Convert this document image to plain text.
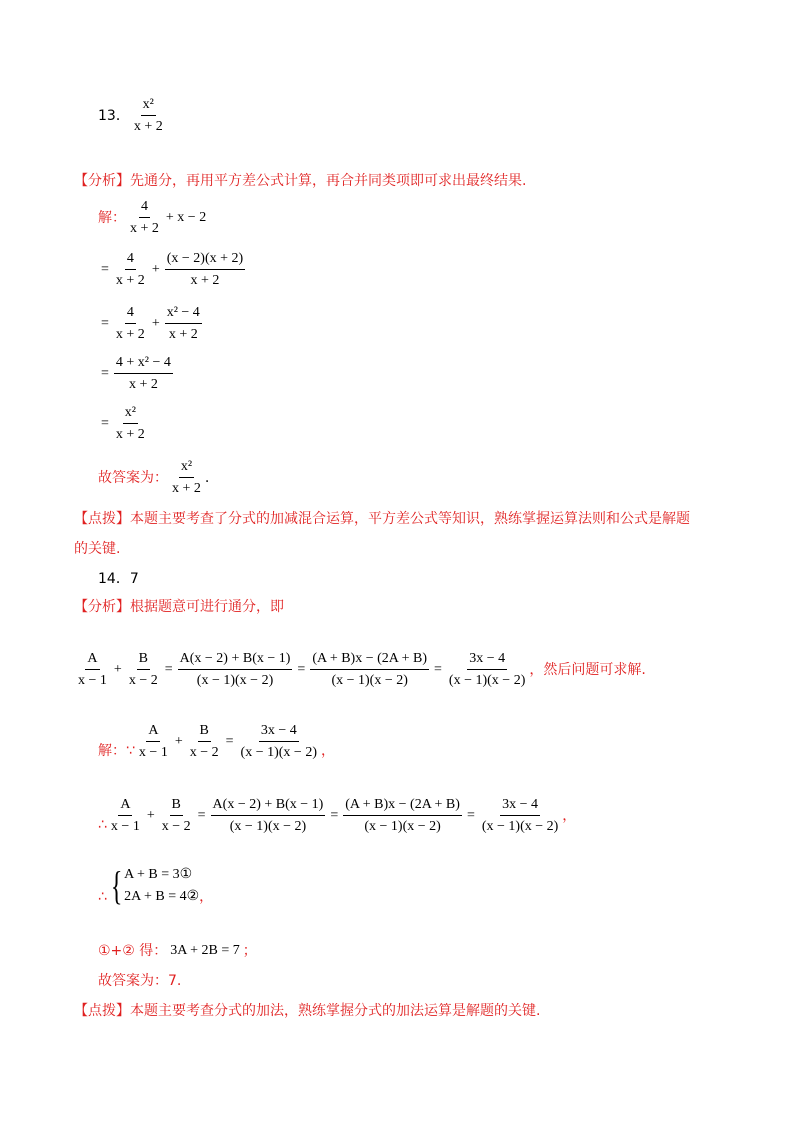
13． $\frac{\text{x²}}{x + 2}$
【分析】先通分，再用平方差公式计算，再合并同类项即可求出最终结果.
解： $\frac{4}{x + 2} + x - 2$
= $\frac{4}{x + 2} + \frac{(x - 2)(x + 2)}{x + 2}$
= $\frac{4}{x + 2} + \frac{\text{x² − 4}}{x + 2}$
= $\frac{\text{4 + x² − 4}}{x + 2}$
= $\frac{\text{x²}}{x + 2}$
故答案为： $\frac{\text{x²}}{x + 2}$ .
【点拨】本题主要考查了分式的加减混合运算，平方差公式等知识，熟练掌握运算法则和公式是解题
的关键.
14．7
【分析】根据题意可进行通分，即
$\frac{A}{x - 1} + \frac{B}{x - 2} = \frac{A(x - 2) + B(x - 1)}{(x - 1)(x - 2)} = \frac{(A + B)x - (2A + B)}{(x - 1)(x - 2)} = \frac{3x - 4}{(x - 1)(x - 2)}$ ，然后问题可求解.
解：∵ $\frac{A}{x - 1} + \frac{B}{x - 2} = \frac{3x - 4}{(x - 1)(x - 2)}$ ，
∴ $\frac{A}{x - 1} + \frac{B}{x - 2} = \frac{A(x - 2) + B(x - 1)}{(x - 1)(x - 2)} = \frac{(A + B)x - (2A + B)}{(x - 1)(x - 2)} = \frac{3x - 4}{(x - 1)(x - 2)}$ ，
∴ { A + B = 3①
2A + B = 4② ，
①+② 得： 3A + 2B = 7 ；
故答案为：7.
【点拨】本题主要考查分式的加法，熟练掌握分式的加法运算是解题的关键.
